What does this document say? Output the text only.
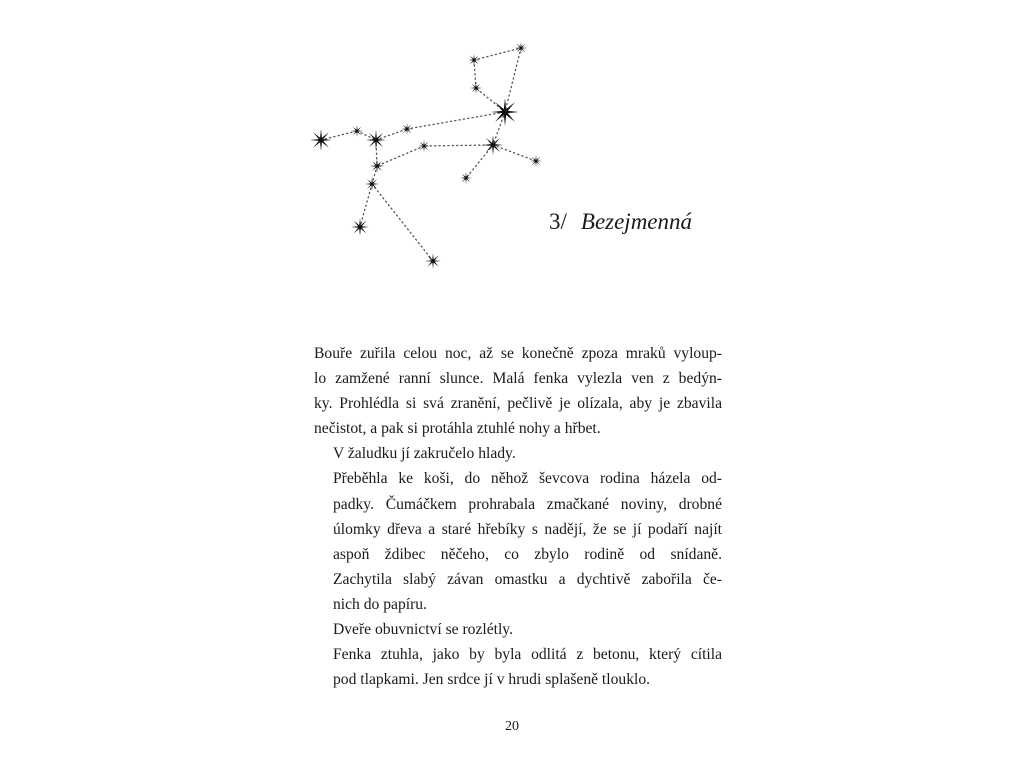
3/ Bezejmenná

Bouře zuřila celou noc, až se konečně zpoza mraků vyloup-
lo zamžené ranní slunce. Malá fenka vylezla ven z bedýn-
ky. Prohlédla si svá zranění, pečlivě je olízala, aby je zbavila
nečistot, a pak si protáhla ztuhlé nohy a hřbet.

V žaludku jí zakručelo hlady.

Přeběhla ke koši, do něhož ševcova rodina házela od-
padky. Čumáčkem prohrabala zmačkané noviny, drobné
úlomky dřeva a staré hřebíky s nadějí, že se jí podaří najít
aspoň ždibec něčeho, co zbylo rodině od snídaně.
Zachytila slabý závan omastku a dychtivě zabořila če-
nich do papíru.

Dveře obuvnictví se rozlétly.

Fenka ztuhla, jako by byla odlitá z betonu, který cítila
pod tlapkami. Jen srdce jí v hrudi splašeně tlouklo.

20
